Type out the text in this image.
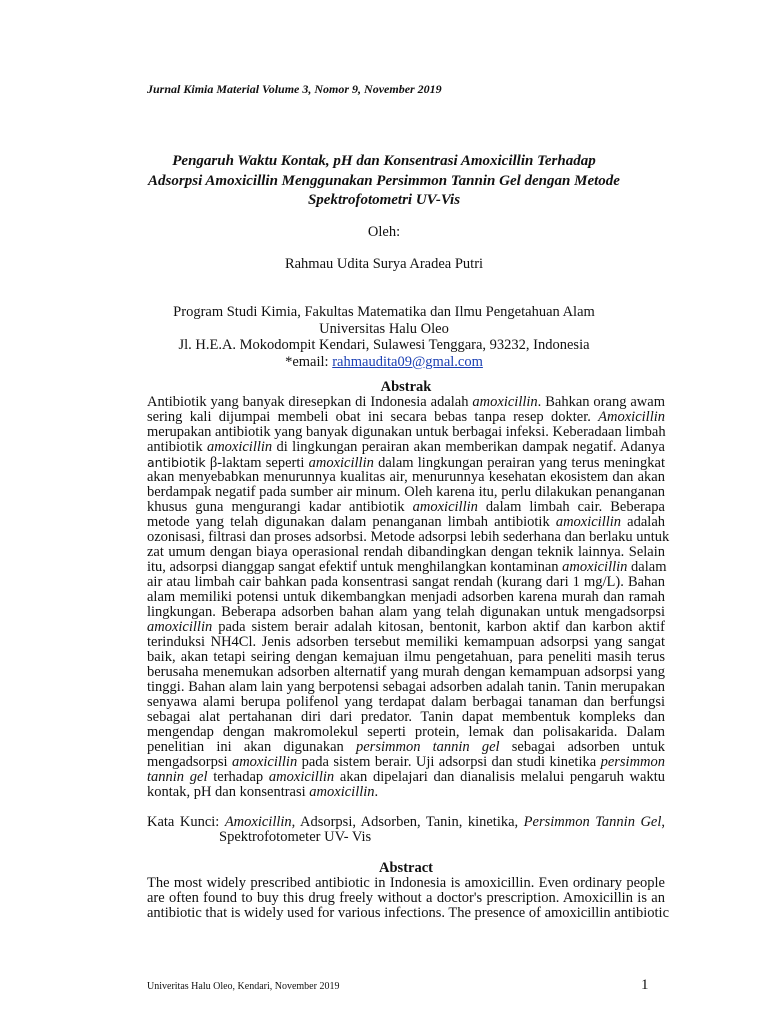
Jurnal Kimia Material Volume 3, Nomor 9, November 2019
Pengaruh Waktu Kontak, pH dan Konsentrasi Amoxicillin Terhadap
Adsorpsi Amoxicillin Menggunakan Persimmon Tannin Gel dengan Metode
Spektrofotometri UV-Vis
Oleh:
Rahmau Udita Surya Aradea Putri
Program Studi Kimia, Fakultas Matematika dan Ilmu Pengetahuan Alam
Universitas Halu Oleo
Jl. H.E.A. Mokodompit Kendari, Sulawesi Tenggara, 93232, Indonesia
*email: rahmaudita09@gmal.com
Abstrak
Antibiotik yang banyak diresepkan di Indonesia adalah amoxicillin. Bahkan orang awam
sering kali dijumpai membeli obat ini secara bebas tanpa resep dokter. Amoxicillin
merupakan antibiotik yang banyak digunakan untuk berbagai infeksi. Keberadaan limbah
antibiotik amoxicillin di lingkungan perairan akan memberikan dampak negatif. Adanya
antibiotik β-laktam seperti amoxicillin dalam lingkungan perairan yang terus meningkat
akan menyebabkan menurunnya kualitas air, menurunnya kesehatan ekosistem dan akan
berdampak negatif pada sumber air minum. Oleh karena itu, perlu dilakukan penanganan
khusus guna mengurangi kadar antibiotik amoxicillin dalam limbah cair. Beberapa
metode yang telah digunakan dalam penanganan limbah antibiotik amoxicillin adalah
ozonisasi, filtrasi dan proses adsorbsi. Metode adsorpsi lebih sederhana dan berlaku untuk
zat umum dengan biaya operasional rendah dibandingkan dengan teknik lainnya. Selain
itu, adsorpsi dianggap sangat efektif untuk menghilangkan kontaminan amoxicillin dalam
air atau limbah cair bahkan pada konsentrasi sangat rendah (kurang dari 1 mg/L). Bahan
alam memiliki potensi untuk dikembangkan menjadi adsorben karena murah dan ramah
lingkungan. Beberapa adsorben bahan alam yang telah digunakan untuk mengadsorpsi
amoxicillin pada sistem berair adalah kitosan, bentonit, karbon aktif dan karbon aktif
terinduksi NH4Cl. Jenis adsorben tersebut memiliki kemampuan adsorpsi yang sangat
baik, akan tetapi seiring dengan kemajuan ilmu pengetahuan, para peneliti masih terus
berusaha menemukan adsorben alternatif yang murah dengan kemampuan adsorpsi yang
tinggi. Bahan alam lain yang berpotensi sebagai adsorben adalah tanin. Tanin merupakan
senyawa alami berupa polifenol yang terdapat dalam berbagai tanaman dan berfungsi
sebagai alat pertahanan diri dari predator. Tanin dapat membentuk kompleks dan
mengendap dengan makromolekul seperti protein, lemak dan polisakarida. Dalam
penelitian ini akan digunakan persimmon tannin gel sebagai adsorben untuk
mengadsorpsi amoxicillin pada sistem berair. Uji adsorpsi dan studi kinetika persimmon
tannin gel terhadap amoxicillin akan dipelajari dan dianalisis melalui pengaruh waktu
kontak, pH dan konsentrasi amoxicillin.
Kata Kunci: Amoxicillin, Adsorpsi, Adsorben, Tanin, kinetika, Persimmon Tannin Gel,
Spektrofotometer UV- Vis
Abstract
The most widely prescribed antibiotic in Indonesia is amoxicillin. Even ordinary people
are often found to buy this drug freely without a doctor's prescription. Amoxicillin is an
antibiotic that is widely used for various infections. The presence of amoxicillin antibiotic
Univeritas Halu Oleo, Kendari, November 2019	1
